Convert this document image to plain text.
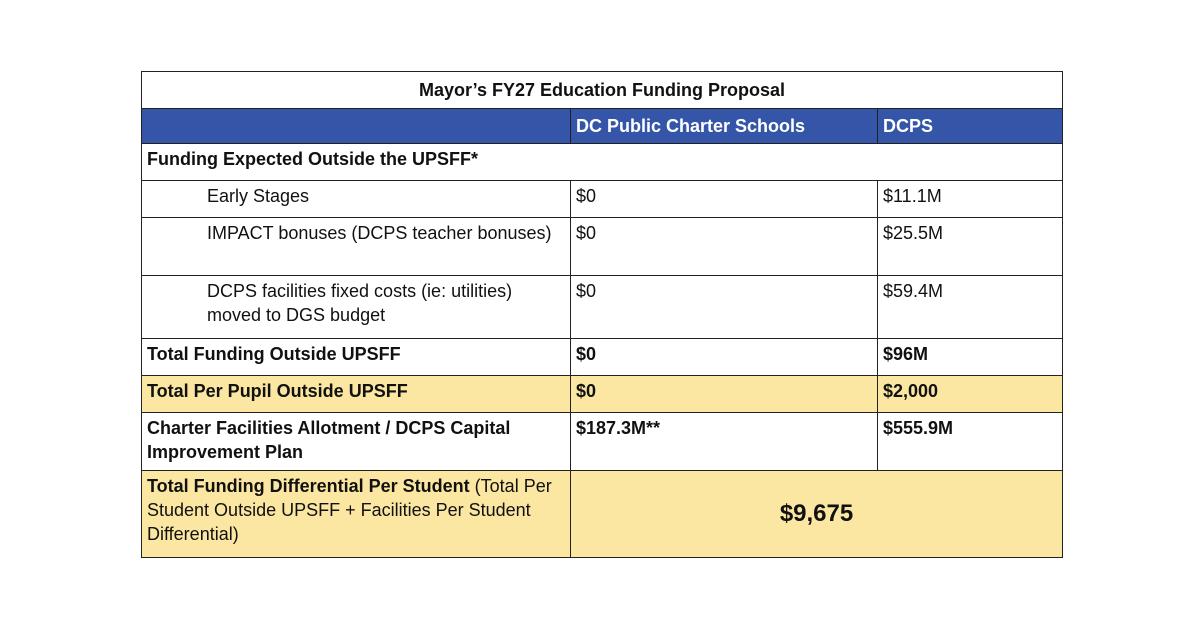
Mayor’s FY27 Education Funding Proposal		
	DC Public Charter Schools	DCPS
Funding Expected Outside the UPSFF*		
Early Stages	$0	$11.1M
IMPACT bonuses (DCPS teacher bonuses)	$0	$25.5M
DCPS facilities fixed costs (ie: utilities) moved to DGS budget	$0	$59.4M
Total Funding Outside UPSFF	$0	$96M
Total Per Pupil Outside UPSFF	$0	$2,000
Charter Facilities Allotment / DCPS Capital Improvement Plan	$187.3M**	$555.9M
Total Funding Differential Per Student (Total Per Student Outside UPSFF + Facilities Per Student Differential)	$9,675	
